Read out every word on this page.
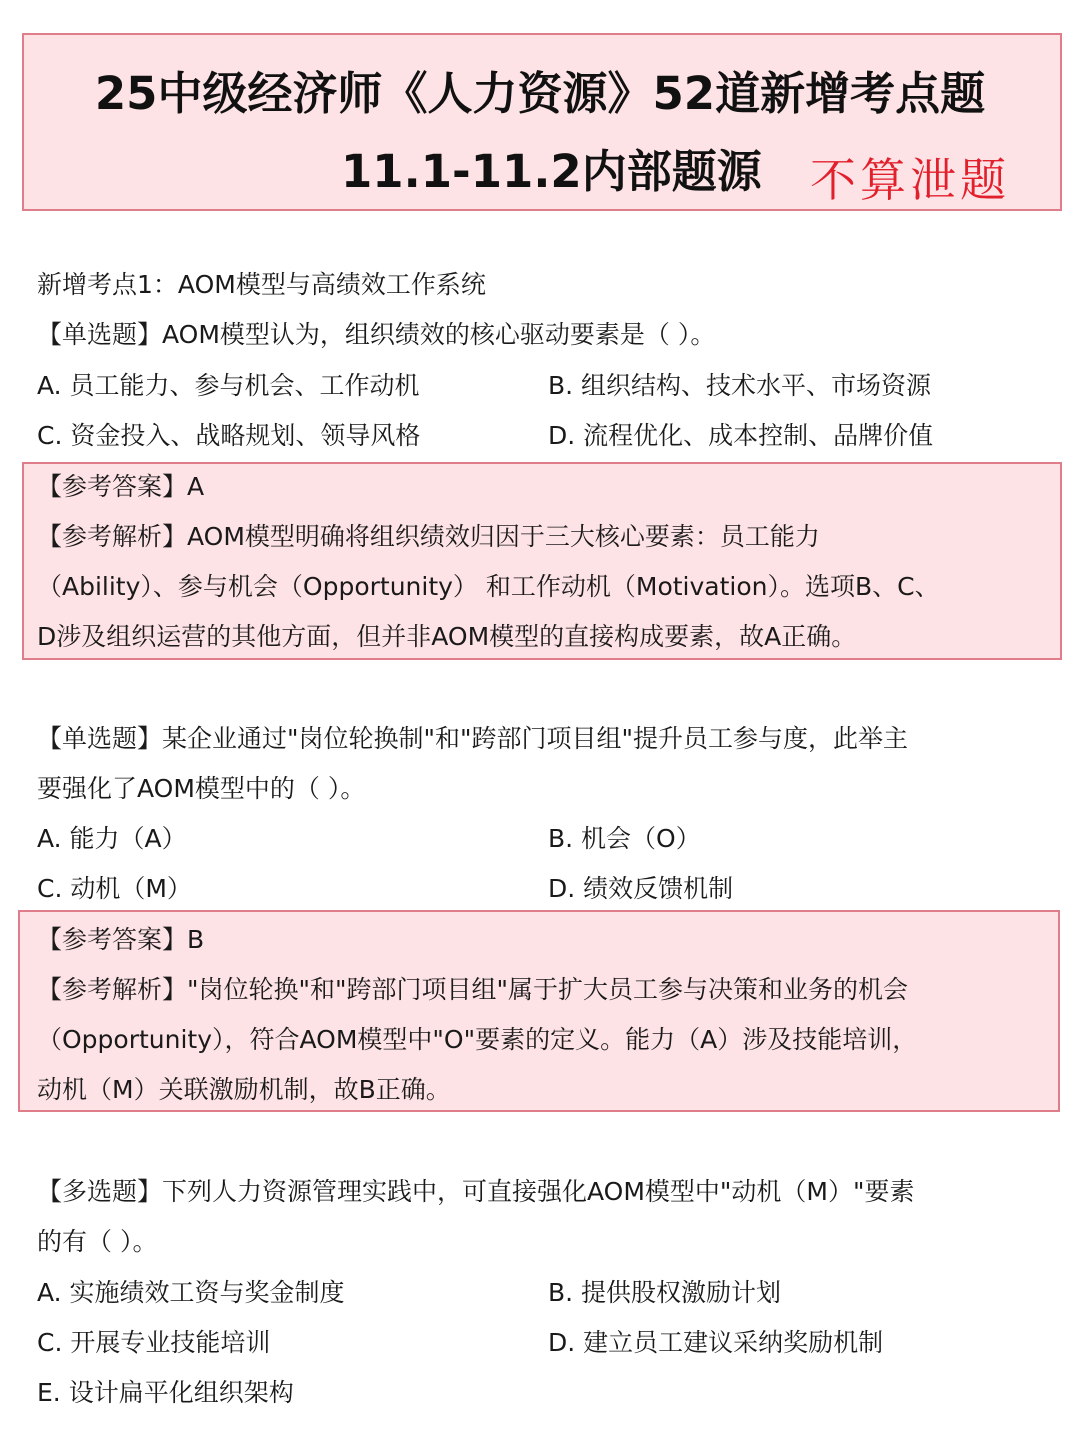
25中级经济师《人力资源》52道新增考点题
11.1-11.2内部题源 不算泄题
新增考点1：AOM模型与高绩效工作系统
【单选题】AOM模型认为，组织绩效的核心驱动要素是（ ）。
A. 员工能力、参与机会、工作动机	B. 组织结构、技术水平、市场资源
C. 资金投入、战略规划、领导风格	D. 流程优化、成本控制、品牌价值
【参考答案】A
【参考解析】AOM模型明确将组织绩效归因于三大核心要素：员工能力
（Ability）、参与机会（Opportunity） 和工作动机（Motivation）。选项B、C、
D涉及组织运营的其他方面，但并非AOM模型的直接构成要素，故A正确。
【单选题】某企业通过"岗位轮换制"和"跨部门项目组"提升员工参与度，此举主
要强化了AOM模型中的（ ）。
A. 能力（A）	B. 机会（O）
C. 动机（M）	D. 绩效反馈机制
【参考答案】B
【参考解析】"岗位轮换"和"跨部门项目组"属于扩大员工参与决策和业务的机会
（Opportunity），符合AOM模型中"O"要素的定义。能力（A）涉及技能培训，
动机（M）关联激励机制，故B正确。
【多选题】下列人力资源管理实践中，可直接强化AOM模型中"动机（M）"要素
的有（ ）。
A. 实施绩效工资与奖金制度	B. 提供股权激励计划
C. 开展专业技能培训	D. 建立员工建议采纳奖励机制
E. 设计扁平化组织架构
